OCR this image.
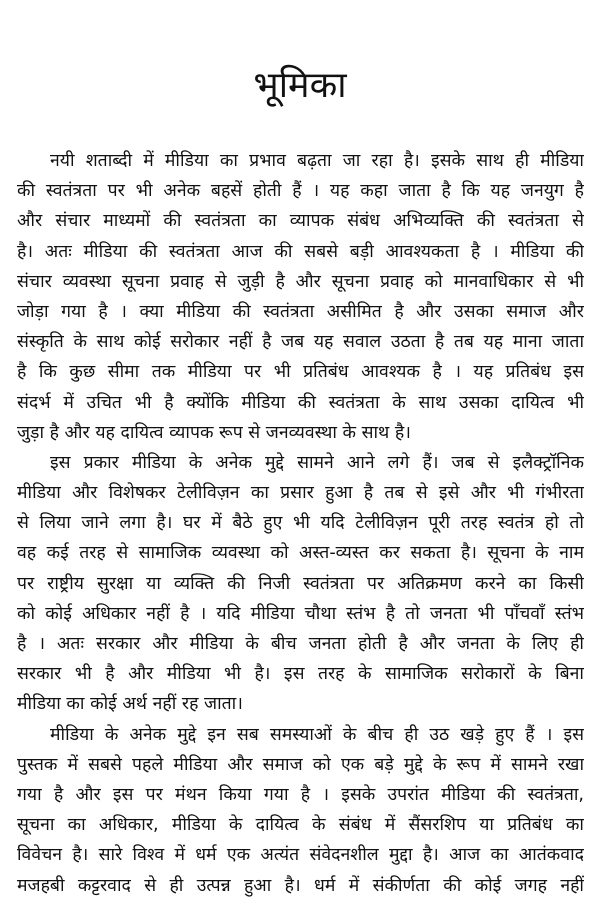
भूमिका
नयी शताब्दी में मीडिया का प्रभाव बढ़ता जा रहा है। इसके साथ ही मीडिया
की स्वतंत्रता पर भी अनेक बहसें होती हैं । यह कहा जाता है कि यह जनयुग है
और संचार माध्यमों की स्वतंत्रता का व्यापक संबंध अभिव्यक्ति की स्वतंत्रता से
है। अतः मीडिया की स्वतंत्रता आज की सबसे बड़ी आवश्यकता है । मीडिया की
संचार व्यवस्था सूचना प्रवाह से जुड़ी है और सूचना प्रवाह को मानवाधिकार से भी
जोड़ा गया है । क्या मीडिया की स्वतंत्रता असीमित है और उसका समाज और
संस्कृति के साथ कोई सरोकार नहीं है जब यह सवाल उठता है तब यह माना जाता
है कि कुछ सीमा तक मीडिया पर भी प्रतिबंध आवश्यक है । यह प्रतिबंध इस
संदर्भ में उचित भी है क्योंकि मीडिया की स्वतंत्रता के साथ उसका दायित्व भी
जुड़ा है और यह दायित्व व्यापक रूप से जनव्यवस्था के साथ है।
इस प्रकार मीडिया के अनेक मुद्दे सामने आने लगे हैं। जब से इलैक्ट्रॉनिक
मीडिया और विशेषकर टेलीविज़न का प्रसार हुआ है तब से इसे और भी गंभीरता
से लिया जाने लगा है। घर में बैठे हुए भी यदि टेलीविज़न पूरी तरह स्वतंत्र हो तो
वह कई तरह से सामाजिक व्यवस्था को अस्त-व्यस्त कर सकता है। सूचना के नाम
पर राष्ट्रीय सुरक्षा या व्यक्ति की निजी स्वतंत्रता पर अतिक्रमण करने का किसी
को कोई अधिकार नहीं है । यदि मीडिया चौथा स्तंभ है तो जनता भी पाँचवाँ स्तंभ
है । अतः सरकार और मीडिया के बीच जनता होती है और जनता के लिए ही
सरकार भी है और मीडिया भी है। इस तरह के सामाजिक सरोकारों के बिना
मीडिया का कोई अर्थ नहीं रह जाता।
मीडिया के अनेक मुद्दे इन सब समस्याओं के बीच ही उठ खड़े हुए हैं । इस
पुस्तक में सबसे पहले मीडिया और समाज को एक बड़े मुद्दे के रूप में सामने रखा
गया है और इस पर मंथन किया गया है । इसके उपरांत मीडिया की स्वतंत्रता,
सूचना का अधिकार, मीडिया के दायित्व के संबंध में सैंसरशिप या प्रतिबंध का
विवेचन है। सारे विश्व में धर्म एक अत्यंत संवेदनशील मुद्दा है। आज का आतंकवाद
मजहबी कट्टरवाद से ही उत्पन्न हुआ है। धर्म में संकीर्णता की कोई जगह नहीं
